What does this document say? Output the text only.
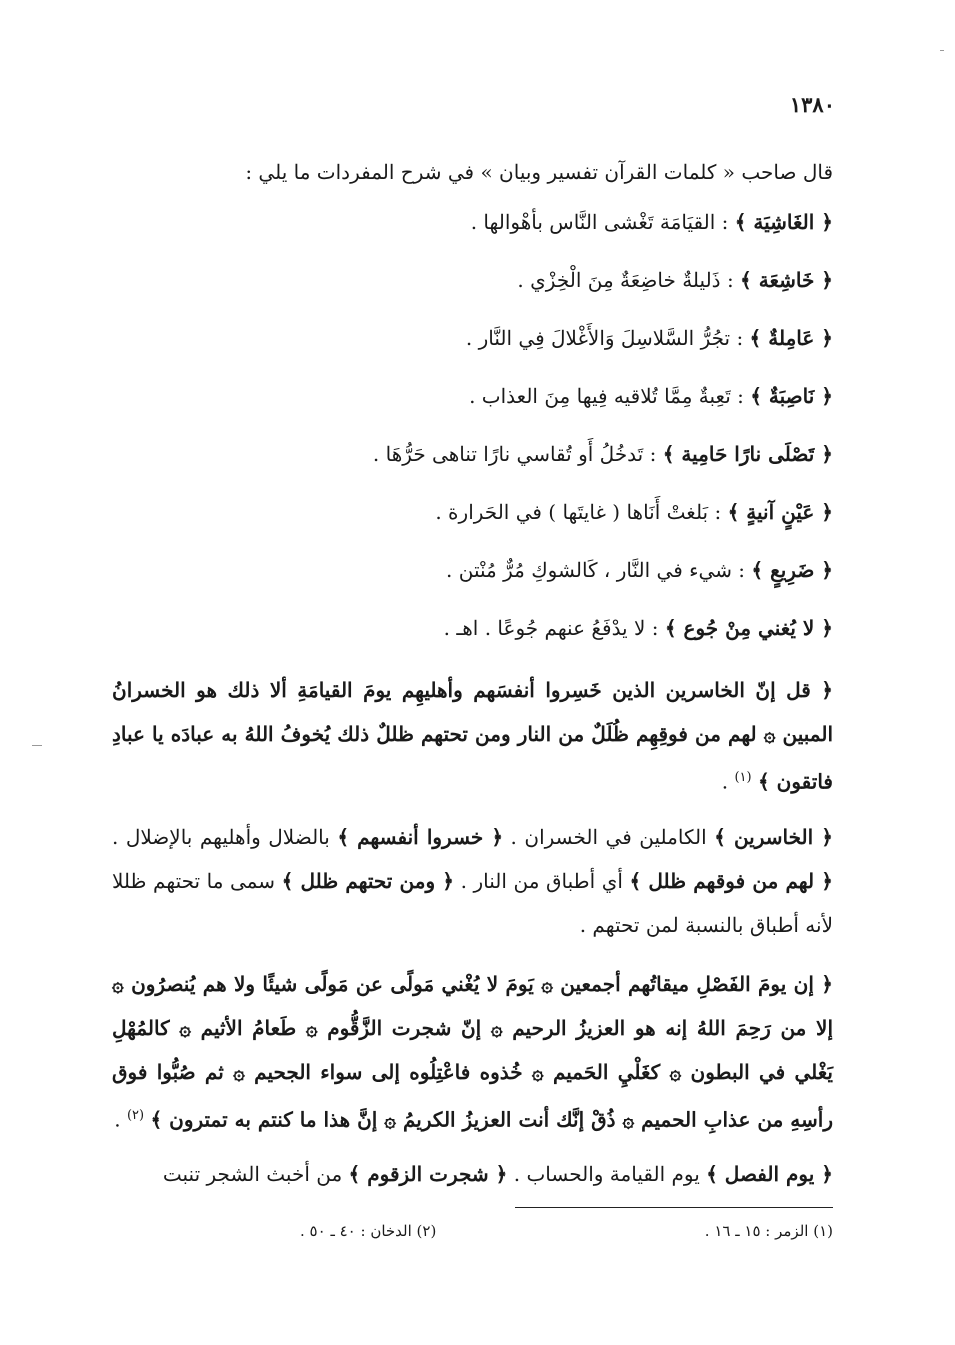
١٣٨٠
قال صاحب « كلمات القرآن تفسير وبيان » في شرح المفردات ما يلي :
﴿ الغَاشِيَة ﴾ : القيَامَة تَغْشى النَّاس بأهْوالها .
﴿ خَاشِعَة ﴾ : ذَليلةٌ خاضِعَةٌ مِنَ الْخِزْي .
﴿ عَامِلةٌ ﴾ : تجُرُّ السَّلاسِلَ وَالأَغْلالَ فِي النَّار .
﴿ نَاصِبَةٌ ﴾ : تَعِبةٌ مِمَّا تُلاقيه فِيها مِنَ العذاب .
﴿ تَصْلَى نارًا حَامِية ﴾ : تَدخُلُ أَو تُقاسي نارًا تناهى حَرُّهَا .
﴿ عَيْنٍ آنيةٍ ﴾ : بَلغتْ أَنَاها ( غايتَها ) في الحَرارة .
﴿ ضَرِيعٍ ﴾ : شيء في النَّار ، كَالشوكِ مُرٌّ مُنْتن .
﴿ لا يُغني مِنْ جُوع ﴾ : لا يدْفَعُ عنهم جُوعًا . اهـ .

﴿ قل إنّ الخاسرين الذين خَسِروا أنفسَهم وأهليهِم يومَ القيامَةِ ألا ذلك هو الخسرانُ المبين ۞ لهم من فوقِهِم ظُلَلٌ من النار ومن تحتهم ظللٌ ذلك يُخوفُ اللهُ به عبادَه يا عبادِ فاتقون ﴾ $^{(١)}$ .

﴿ الخاسرين ﴾ الكاملين في الخسران . ﴿ خسروا أنفسهم ﴾ بالضلال وأهليهم بالإضلال . ﴿ لهم من فوقهم ظلل ﴾ أي أطباق من النار . ﴿ ومن تحتهم ظلل ﴾ سمى ما تحتهم ظللا لأنه أطباق بالنسبة لمن تحتهم .

﴿ إن يومَ الفَصْلِ ميقاتُهم أجمعين ۞ يَومَ لا يُغْني مَولًى عن مَولًى شيئًا ولا هم يُنصرُون ۞ إلا من رَحِمَ اللهُ إنه هو العزيزُ الرحيم ۞ إنّ شجرت الزَّقُّوم ۞ طَعامُ الأثيم ۞ كالمُهْلِ يَغْلي في البطون ۞ كغَلْيِ الحَميم ۞ خُذوه فاعْتِلُوه إلى سواء الجحيم ۞ ثم صُبُّوا فوق رأسِهِ من عذابِ الحميم ۞ ذُقْ إنَّك أنت العزيزُ الكريمُ ۞ إنَّ هذا ما كنتم به تمترون ﴾ $^{(٢)}$ .

﴿ يوم الفصل ﴾ يوم القيامة والحساب . ﴿ شجرت الزقوم ﴾ من أخبث الشجر تنبت

(١) الزمر : ١٥ ـ ١٦ .
(٢) الدخان : ٤٠ ـ ٥٠ .
